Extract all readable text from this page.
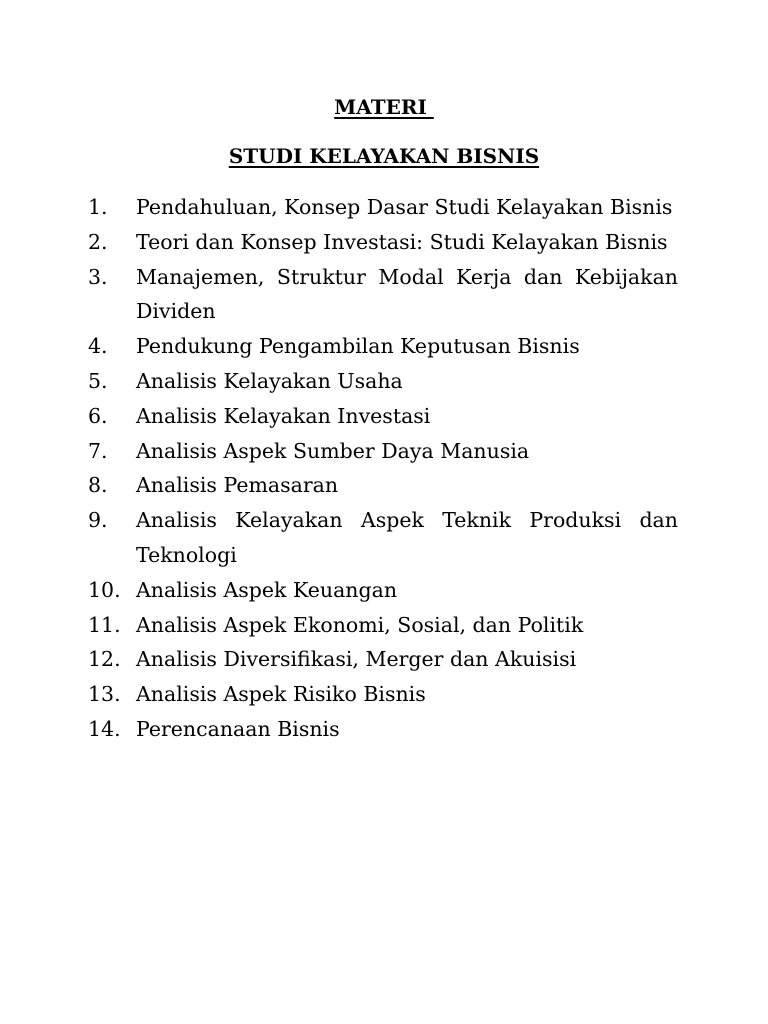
MATERI
STUDI KELAYAKAN BISNIS
1. Pendahuluan, Konsep Dasar Studi Kelayakan Bisnis
2. Teori dan Konsep Investasi: Studi Kelayakan Bisnis
3. Manajemen, Struktur Modal Kerja dan Kebijakan Dividen
4. Pendukung Pengambilan Keputusan Bisnis
5. Analisis Kelayakan Usaha
6. Analisis Kelayakan Investasi
7. Analisis Aspek Sumber Daya Manusia
8. Analisis Pemasaran
9. Analisis Kelayakan Aspek Teknik Produksi dan Teknologi
10. Analisis Aspek Keuangan
11. Analisis Aspek Ekonomi, Sosial, dan Politik
12. Analisis Diversifikasi, Merger dan Akuisisi
13. Analisis Aspek Risiko Bisnis
14. Perencanaan Bisnis
